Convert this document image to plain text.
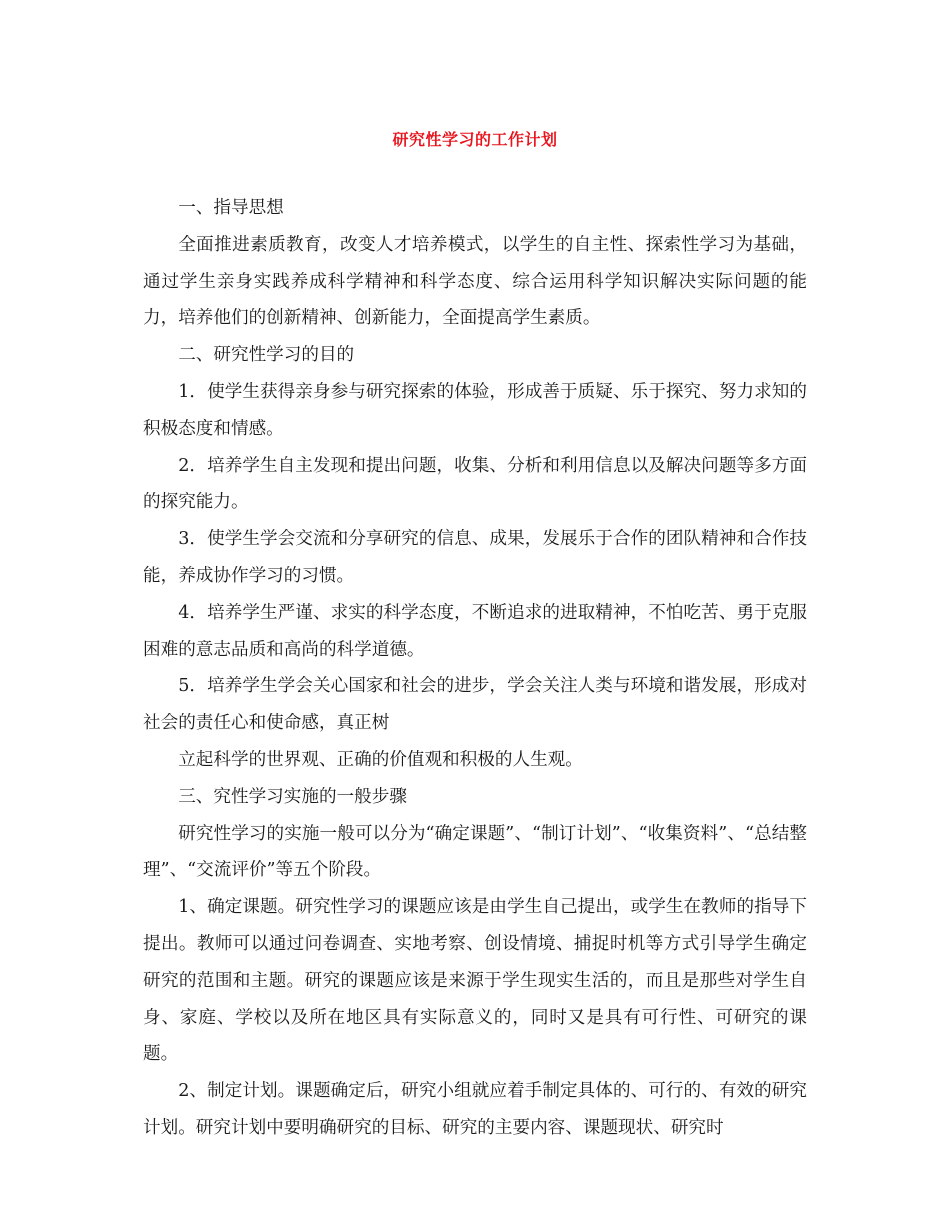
研究性学习的工作计划

一、指导思想

全面推进素质教育，改变人才培养模式，以学生的自主性、探索性学习为基础，通过学生亲身实践养成科学精神和科学态度、综合运用科学知识解决实际问题的能力，培养他们的创新精神、创新能力，全面提高学生素质。

二、研究性学习的目的

1．使学生获得亲身参与研究探索的体验，形成善于质疑、乐于探究、努力求知的积极态度和情感。

2．培养学生自主发现和提出问题，收集、分析和利用信息以及解决问题等多方面的探究能力。

3．使学生学会交流和分享研究的信息、成果，发展乐于合作的团队精神和合作技能，养成协作学习的习惯。

4．培养学生严谨、求实的科学态度，不断追求的进取精神，不怕吃苦、勇于克服困难的意志品质和高尚的科学道德。

5．培养学生学会关心国家和社会的进步，学会关注人类与环境和谐发展，形成对社会的责任心和使命感，真正树

立起科学的世界观、正确的价值观和积极的人生观。

三、究性学习实施的一般步骤

研究性学习的实施一般可以分为“确定课题”、“制订计划”、“收集资料”、“总结整理”、“交流评价”等五个阶段。

1、确定课题。研究性学习的课题应该是由学生自己提出，或学生在教师的指导下提出。教师可以通过问卷调查、实地考察、创设情境、捕捉时机等方式引导学生确定研究的范围和主题。研究的课题应该是来源于学生现实生活的，而且是那些对学生自身、家庭、学校以及所在地区具有实际意义的，同时又是具有可行性、可研究的课题。

2、制定计划。课题确定后，研究小组就应着手制定具体的、可行的、有效的研究计划。研究计划中要明确研究的目标、研究的主要内容、课题现状、研究时
